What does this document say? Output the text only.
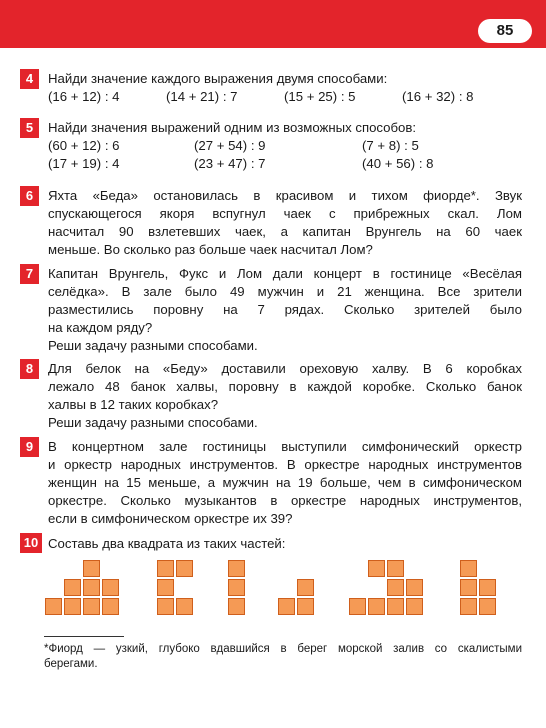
85
4	Найди значение каждого выражения двумя способами:
(16 + 12) : 4	(14 + 21) : 7	(15 + 25) : 5	(16 + 32) : 8
5	Найди значения выражений одним из возможных способов:
(60 + 12) : 6	(27 + 54) : 9	(7 + 8) : 5
(17 + 19) : 4	(23 + 47) : 7	(40 + 56) : 8
6	Яхта «Беда» остановилась в красивом и тихом фиорде*. Звук
спускающегося якоря вспугнул чаек с прибрежных скал. Лом
насчитал 90 взлетевших чаек, а капитан Врунгель на 60 чаек
меньше. Во сколько раз больше чаек насчитал Лом?
7	Капитан Врунгель, Фукс и Лом дали концерт в гостинице «Весёлая
селёдка». В зале было 49 мужчин и 21 женщина. Все зрители
разместились поровну на 7 рядах. Сколько зрителей было
на каждом ряду?
Реши задачу разными способами.
8	Для белок на «Беду» доставили ореховую халву. В 6 коробках
лежало 48 банок халвы, поровну в каждой коробке. Сколько банок
халвы в 12 таких коробках?
Реши задачу разными способами.
9	В концертном зале гостиницы выступили симфонический оркестр
и оркестр народных инструментов. В оркестре народных инструментов
женщин на 15 меньше, а мужчин на 19 больше, чем в симфоническом
оркестре. Сколько музыкантов в оркестре народных инструментов,
если в симфоническом оркестре их 39?
10 Составь два квадрата из таких частей:
*Фиорд — узкий, глубоко вдавшийся в берег морской залив со скалистыми
берегами.
